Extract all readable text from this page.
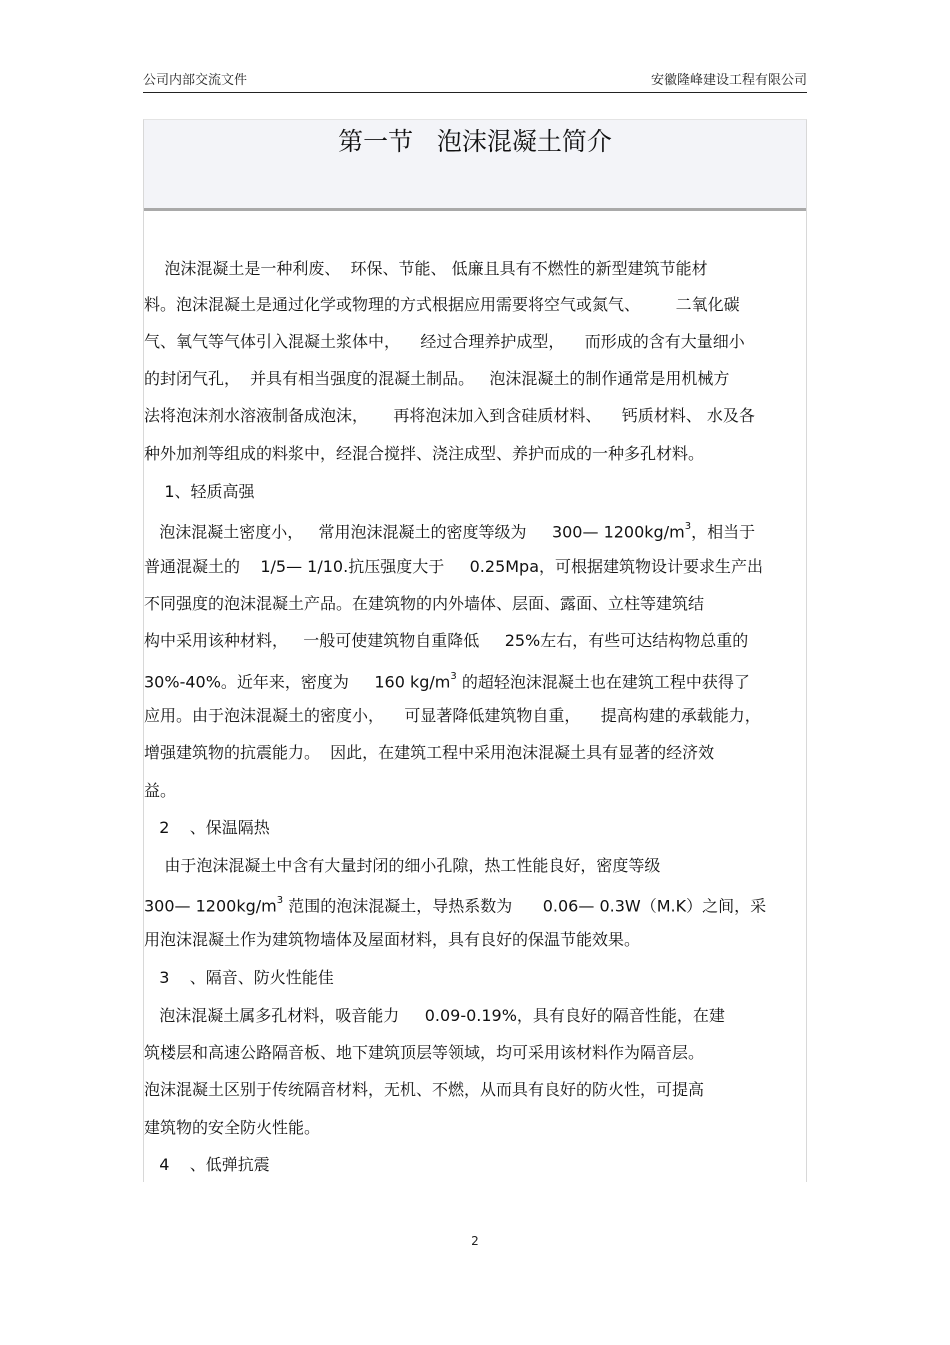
公司内部交流文件	安徽隆峰建设工程有限公司
第一节   泡沫混凝土简介
泡沫混凝土是一种利废、  环保、节能、 低廉且具有不燃性的新型建筑节能材
料。泡沫混凝土是通过化学或物理的方式根据应用需要将空气或氮气、       二氧化碳
气、氧气等气体引入混凝土浆体中，    经过合理养护成型，    而形成的含有大量细小
的封闭气孔，  并具有相当强度的混凝土制品。   泡沫混凝土的制作通常是用机械方
法将泡沫剂水溶液制备成泡沫，     再将泡沫加入到含硅质材料、    钙质材料、 水及各
种外加剂等组成的料浆中，经混合搅拌、浇注成型、养护而成的一种多孔材料。
1、轻质高强
泡沫混凝土密度小，   常用泡沫混凝土的密度等级为     300— $1200kg/m^3$，相当于
普通混凝土的    1/5— 1/10.抗压强度大于     0.25Mpa，可根据建筑物设计要求生产出
不同强度的泡沫混凝土产品。在建筑物的内外墙体、层面、露面、立柱等建筑结
构中采用该种材料，   一般可使建筑物自重降低     25%左右，有些可达结构物总重的
30%-40%。近年来，密度为     160 $kg/m^3$ 的超轻泡沫混凝土也在建筑工程中获得了
应用。由于泡沫混凝土的密度小，    可显著降低建筑物自重，    提高构建的承载能力，
增强建筑物的抗震能力。  因此，在建筑工程中采用泡沫混凝土具有显著的经济效
益。
2    、保温隔热
由于泡沫混凝土中含有大量封闭的细小孔隙，热工性能良好，密度等级
300— $1200kg/m^3$ 范围的泡沫混凝土，导热系数为      0.06— 0.3W（M.K）之间，采
用泡沫混凝土作为建筑物墙体及屋面材料，具有良好的保温节能效果。
3    、隔音、防火性能佳
泡沫混凝土属多孔材料，吸音能力     0.09-0.19%，具有良好的隔音性能，在建
筑楼层和高速公路隔音板、地下建筑顶层等领域，均可采用该材料作为隔音层。
泡沫混凝土区别于传统隔音材料，无机、不燃，从而具有良好的防火性，可提高
建筑物的安全防火性能。
4    、低弹抗震
2
